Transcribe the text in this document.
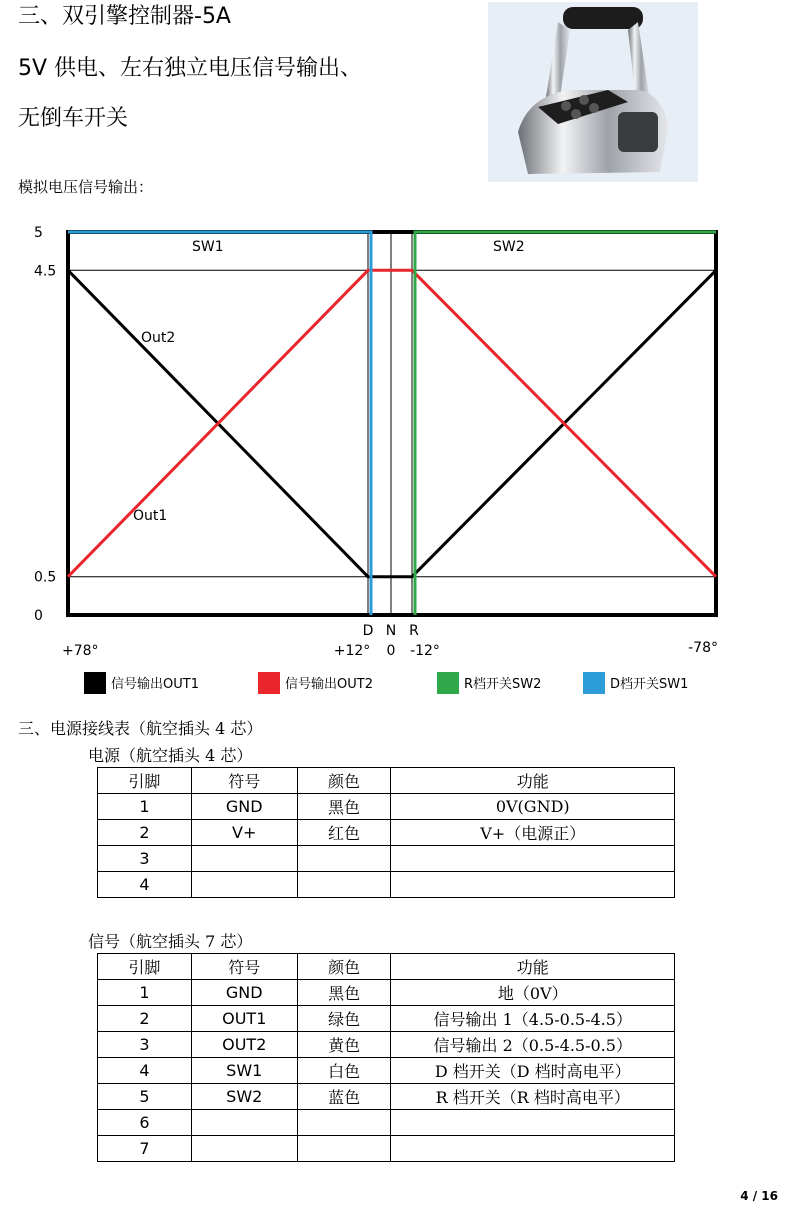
三、双引擎控制器-5A
5V 供电、左右独立电压信号输出、
无倒车开关
模拟电压信号输出：
5
4.5
0.5
0
+78°
D N R
+12° 0 -12°	-78°
SW1	SW2
Out2
Out1
信号输出OUT1	信号输出OUT2	R档开关SW2	D档开关SW1
三、电源接线表（航空插头 4 芯）
电源（航空插头 4 芯）
引脚	符号	颜色	功能
1	GND	黑色	0V(GND)
2	V+	红色	V+（电源正）
3			
4			
信号（航空插头 7 芯）
引脚	符号	颜色	功能
1	GND	黑色	地（0V）
2	OUT1	绿色	信号输出 1（4.5-0.5-4.5）
3	OUT2	黄色	信号输出 2（0.5-4.5-0.5）
4	SW1	白色	D 档开关（D 档时高电平）
5	SW2	蓝色	R 档开关（R 档时高电平）
6			
7			
4 / 16
